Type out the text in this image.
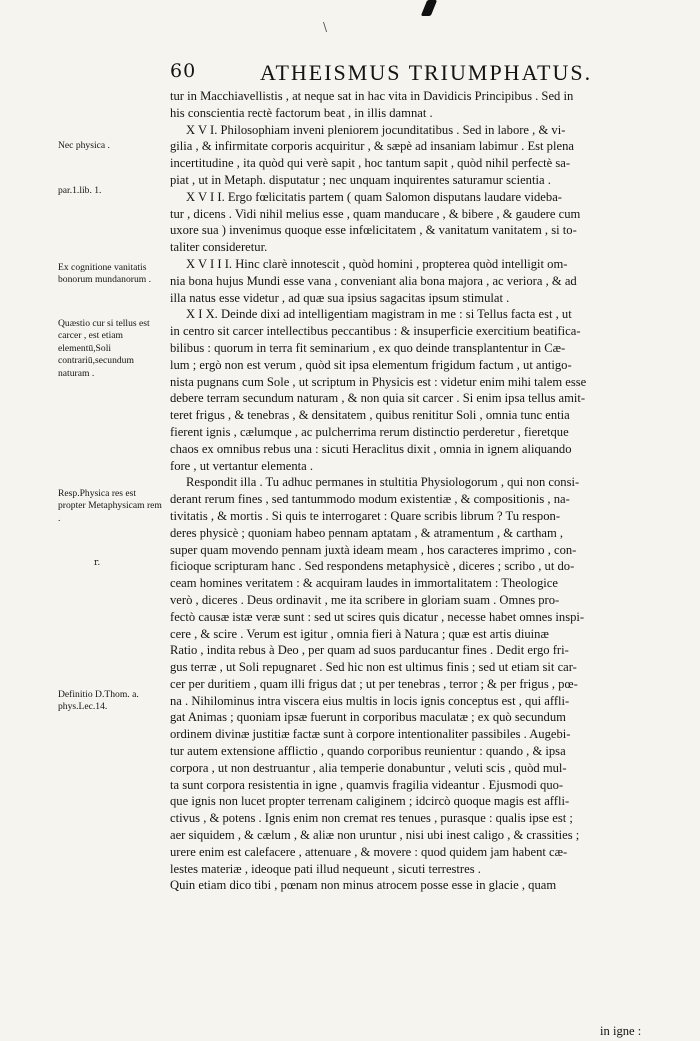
\
60	ATHEISMUS TRIUMPHATUS.
Nec physica .
par.1.lib. 1.
Ex cognitione vanitatis bonorum mundanorum .
Quæstio cur si tellus est carcer , est etiam elementū,Soli contrariū,secundum naturam .
Resp.Physica res est propter Metaphysicam rem .
Definitio D.Thom. a. phys.Lec.14.
r.
tur in Macchiavellistis , at neque sat in hac vita in Davidicis Principibus . Sed in
his conscientia rectè factorum beat , in illis damnat .
X V I. Philosophiam inveni pleniorem jocunditatibus . Sed in labore , & vi-
gilia , & infirmitate corporis acquiritur , & sæpè ad insaniam labimur . Est plena
incertitudine , ita quòd qui verè sapit , hoc tantum sapit , quòd nihil perfectè sa-
piat , ut in Metaph. disputatur ; nec unquam inquirentes saturamur scientia .
X V I I. Ergo fœlicitatis partem ( quam Salomon disputans laudare videba-
tur , dicens . Vidi nihil melius esse , quam manducare , & bibere , & gaudere cum
uxore sua ) invenimus quoque esse infœlicitatem , & vanitatum vanitatem , si to-
taliter consideretur.
X V I I I. Hinc clarè innotescit , quòd homini , propterea quòd intelligit om-
nia bona hujus Mundi esse vana , conveniant alia bona majora , ac veriora , & ad
illa natus esse videtur , ad quæ sua ipsius sagacitas ipsum stimulat .
X I X. Deinde dixi ad intelligentiam magistram in me : si Tellus facta est , ut
in centro sit carcer intellectibus peccantibus : & insuperficie exercitium beatifica-
bilibus : quorum in terra fit seminarium , ex quo deinde transplantentur in Cæ-
lum ; ergò non est verum , quòd sit ipsa elementum frigidum factum , ut antigo-
nista pugnans cum Sole , ut scriptum in Physicis est : videtur enim mihi talem esse
debere terram secundum naturam , & non quia sit carcer . Si enim ipsa tellus amit-
teret frigus , & tenebras , & densitatem , quibus renititur Soli , omnia tunc entia
fierent ignis , cælumque , ac pulcherrima rerum distinctio perderetur , fieretque
chaos ex omnibus rebus una : sicuti Heraclitus dixit , omnia in ignem aliquando
fore , ut vertantur elementa .
Respondit illa . Tu adhuc permanes in stultitia Physiologorum , qui non consi-
derant rerum fines , sed tantummodo modum existentiæ , & compositionis , na-
tivitatis , & mortis . Si quis te interrogaret : Quare scribis librum ? Tu respon-
deres physicè ; quoniam habeo pennam aptatam , & atramentum , & cartham ,
super quam movendo pennam juxtà ideam meam , hos caracteres imprimo , con-
ficioque scripturam hanc . Sed respondens metaphysicè , diceres ; scribo , ut do-
ceam homines veritatem : & acquiram laudes in immortalitatem : Theologice
verò , diceres . Deus ordinavit , me ita scribere in gloriam suam . Omnes pro-
fectò causæ istæ veræ sunt : sed ut scires quis dicatur , necesse habet omnes inspi-
cere , & scire . Verum est igitur , omnia fieri à Natura ; quæ est artis diuinæ
Ratio , indita rebus à Deo , per quam ad suos parducantur fines . Dedit ergo fri-
gus terræ , ut Soli repugnaret . Sed hic non est ultimus finis ; sed ut etiam sit car-
cer per duritiem , quam illi frigus dat ; ut per tenebras , terror ; & per frigus , pœ-
na . Nihilominus intra viscera eius multis in locis ignis conceptus est , qui affli-
gat Animas ; quoniam ipsæ fuerunt in corporibus maculatæ ; ex quò secundum
ordinem divinæ justitiæ factæ sunt à corpore intentionaliter passibiles . Augebi-
tur autem extensione afflictio , quando corporibus reunientur : quando , & ipsa
corpora , ut non destruantur , alia temperie donabuntur , veluti scis , quòd mul-
ta sunt corpora resistentia in igne , quamvis fragilia videantur . Ejusmodi quo-
que ignis non lucet propter terrenam caliginem ; idcircò quoque magis est affli-
ctivus , & potens . Ignis enim non cremat res tenues , purasque : qualis ipse est ;
aer siquidem , & cælum , & aliæ non uruntur , nisi ubi inest caligo , & crassities ;
urere enim est calefacere , attenuare , & movere : quod quidem jam habent cæ-
lestes materiæ , ideoque pati illud nequeunt , sicuti terrestres .
Quin etiam dico tibi , pœnam non minus atrocem posse esse in glacie , quam
in igne :
